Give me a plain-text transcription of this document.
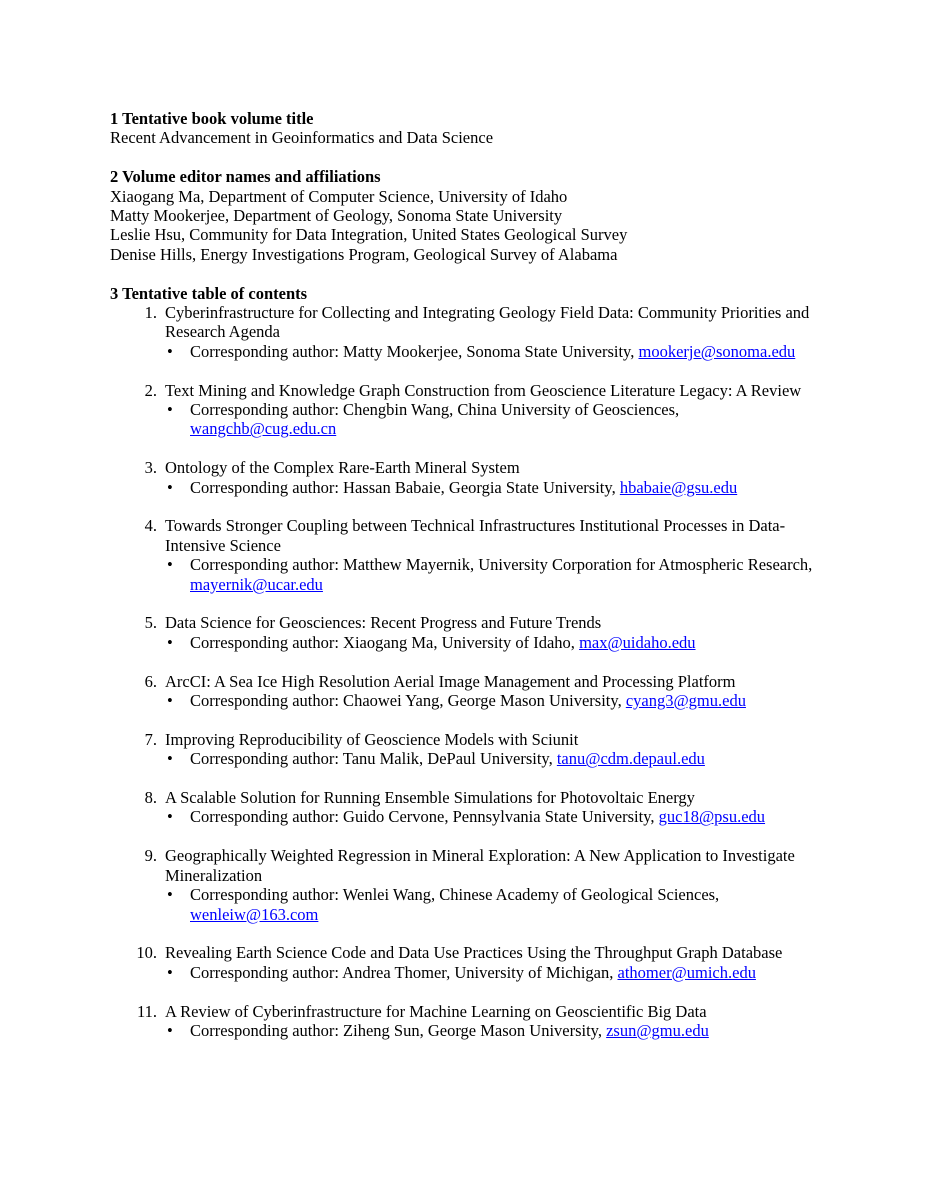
1 Tentative book volume title
Recent Advancement in Geoinformatics and Data Science
2 Volume editor names and affiliations
Xiaogang Ma, Department of Computer Science, University of Idaho
Matty Mookerjee, Department of Geology, Sonoma State University
Leslie Hsu, Community for Data Integration, United States Geological Survey
Denise Hills, Energy Investigations Program, Geological Survey of Alabama
3 Tentative table of contents
1. Cyberinfrastructure for Collecting and Integrating Geology Field Data: Community Priorities and Research Agenda
•	Corresponding author: Matty Mookerjee, Sonoma State University, mookerje@sonoma.edu
2. Text Mining and Knowledge Graph Construction from Geoscience Literature Legacy: A Review
•	Corresponding author: Chengbin Wang, China University of Geosciences, wangchb@cug.edu.cn
3. Ontology of the Complex Rare-Earth Mineral System
•	Corresponding author: Hassan Babaie, Georgia State University, hbabaie@gsu.edu
4. Towards Stronger Coupling between Technical Infrastructures Institutional Processes in Data-Intensive Science
•	Corresponding author: Matthew Mayernik, University Corporation for Atmospheric Research, mayernik@ucar.edu
5. Data Science for Geosciences: Recent Progress and Future Trends
•	Corresponding author: Xiaogang Ma, University of Idaho, max@uidaho.edu
6. ArcCI: A Sea Ice High Resolution Aerial Image Management and Processing Platform
•	Corresponding author: Chaowei Yang, George Mason University, cyang3@gmu.edu
7. Improving Reproducibility of Geoscience Models with Sciunit
•	Corresponding author: Tanu Malik, DePaul University, tanu@cdm.depaul.edu
8. A Scalable Solution for Running Ensemble Simulations for Photovoltaic Energy
•	Corresponding author: Guido Cervone, Pennsylvania State University, guc18@psu.edu
9. Geographically Weighted Regression in Mineral Exploration: A New Application to Investigate Mineralization
•	Corresponding author: Wenlei Wang, Chinese Academy of Geological Sciences, wenleiw@163.com
10. Revealing Earth Science Code and Data Use Practices Using the Throughput Graph Database
•	Corresponding author: Andrea Thomer, University of Michigan, athomer@umich.edu
11. A Review of Cyberinfrastructure for Machine Learning on Geoscientific Big Data
•	Corresponding author: Ziheng Sun, George Mason University, zsun@gmu.edu
